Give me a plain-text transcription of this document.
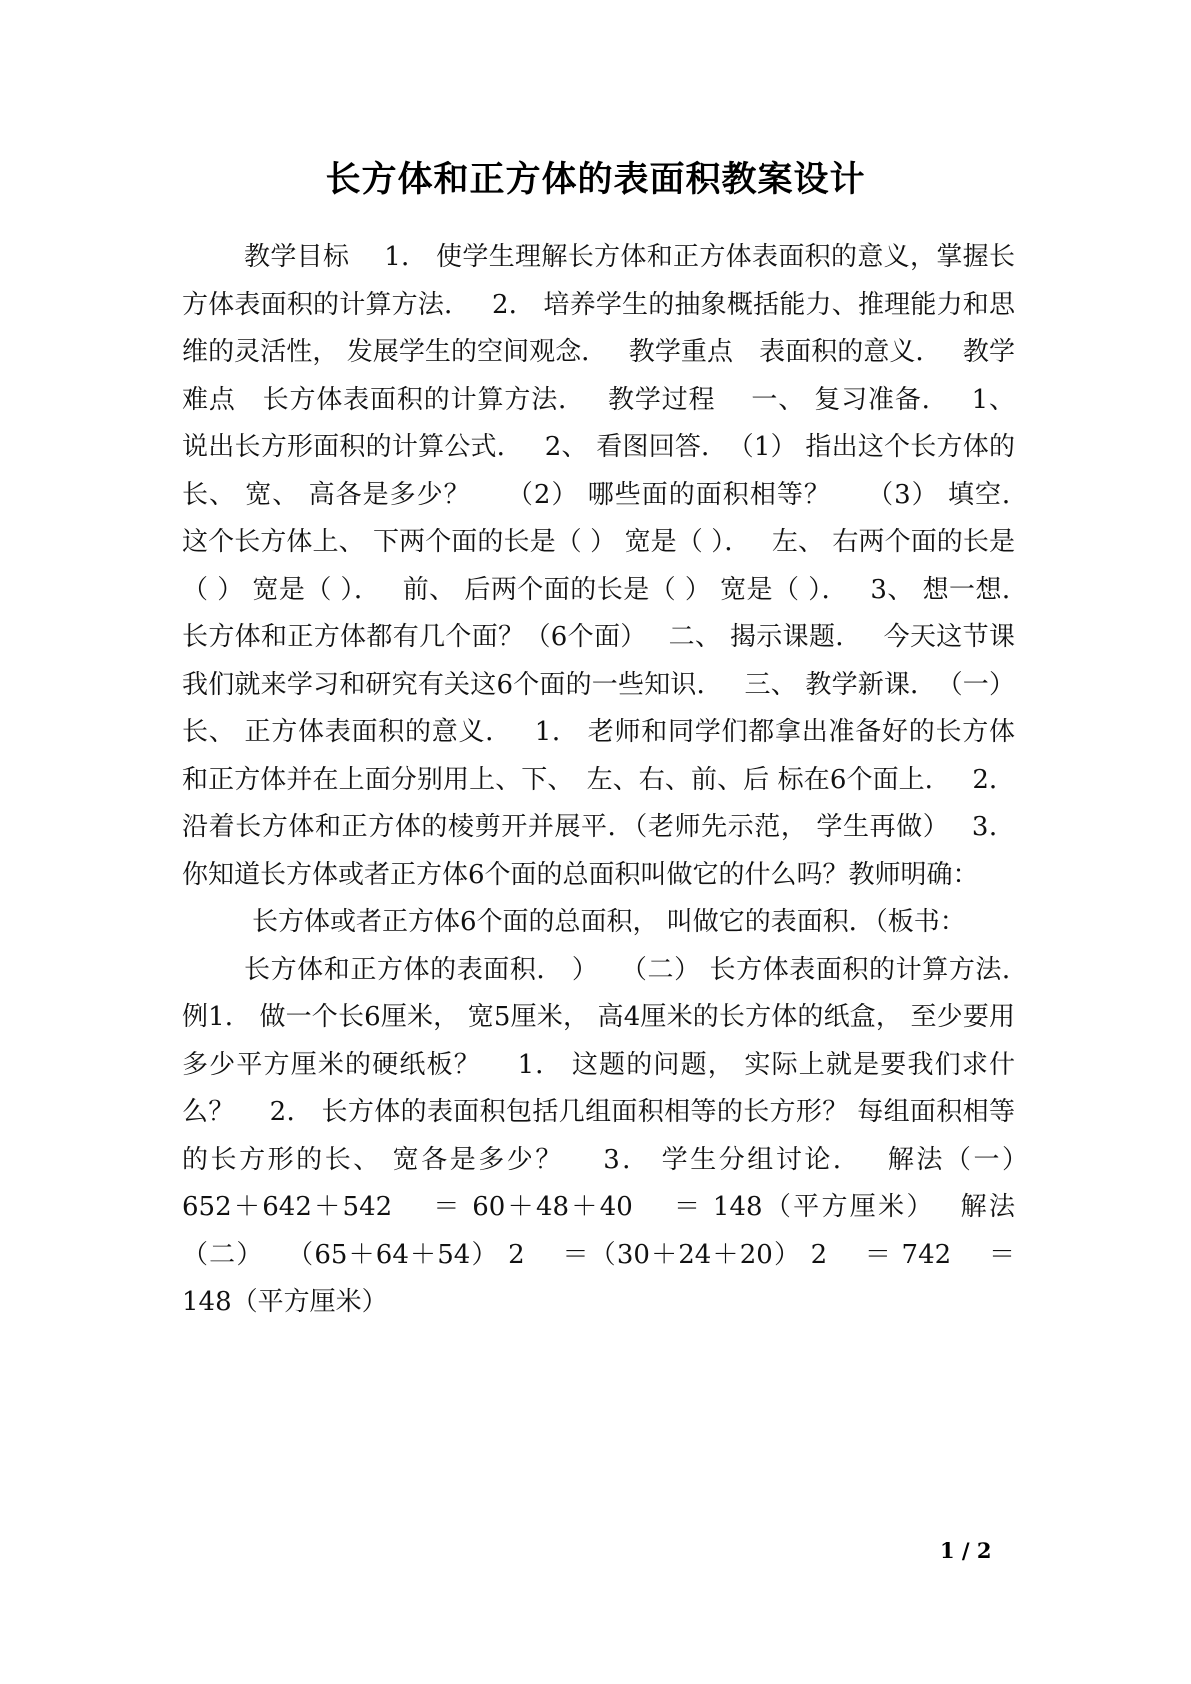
长方体和正方体的表面积教案设计

教学目标　 1． 使学生理解长方体和正方体表面积的意义，掌握长方体表面积的计算方法．　 2． 培养学生的抽象概括能力、推理能力和思维的灵活性， 发展学生的空间观念．　 教学重点　表面积的意义．　 教学难点　长方体表面积的计算方法．　 教学过程　 一、 复习准备．　 1、 说出长方形面积的计算公式．　 2、 看图回答．　（1） 指出这个长方体的长、 宽、 高各是多少？　 （2） 哪些面的面积相等？　 （3） 填空．　 这个长方体上、 下两个面的长是（ ） 宽是（ ）．　 左、 右两个面的长是（ ） 宽是（ ）．　 前、 后两个面的长是（ ） 宽是（ ）．　 3、 想一想．　 长方体和正方体都有几个面？（6个面）　 二、 揭示课题．　 今天这节课我们就来学习和研究有关这6个面的一些知识．　 三、 教学新课．　（一） 长、 正方体表面积的意义．　 1． 老师和同学们都拿出准备好的长方体和正方体并在上面分别用上、下、　左、右、前、后 标在6个面上．　 2． 沿着长方体和正方体的棱剪开并展平．（老师先示范， 学生再做）　 3． 你知道长方体或者正方体6个面的总面积叫做它的什么吗？教师明确：

长方体或者正方体6个面的总面积， 叫做它的表面积．（板书：

长方体和正方体的表面积． ）　 （二） 长方体表面积的计算方法．　 例1． 做一个长6厘米， 宽5厘米， 高4厘米的长方体的纸盒， 至少要用多少平方厘米的硬纸板？　 1． 这题的问题， 实际上就是要我们求什么？　 2． 长方体的表面积包括几组面积相等的长方形？ 每组面积相等的长方形的长、 宽各是多少？　 3． 学生分组讨论．　 解法（一）　 652＋642＋542　 ＝ 60＋48＋40　 ＝ 148（平方厘米）　 解法（二）　 （65＋64＋54） 2　 ＝（30＋24＋20） 2　 ＝ 742　 ＝ 148（平方厘米）

1 / 2
